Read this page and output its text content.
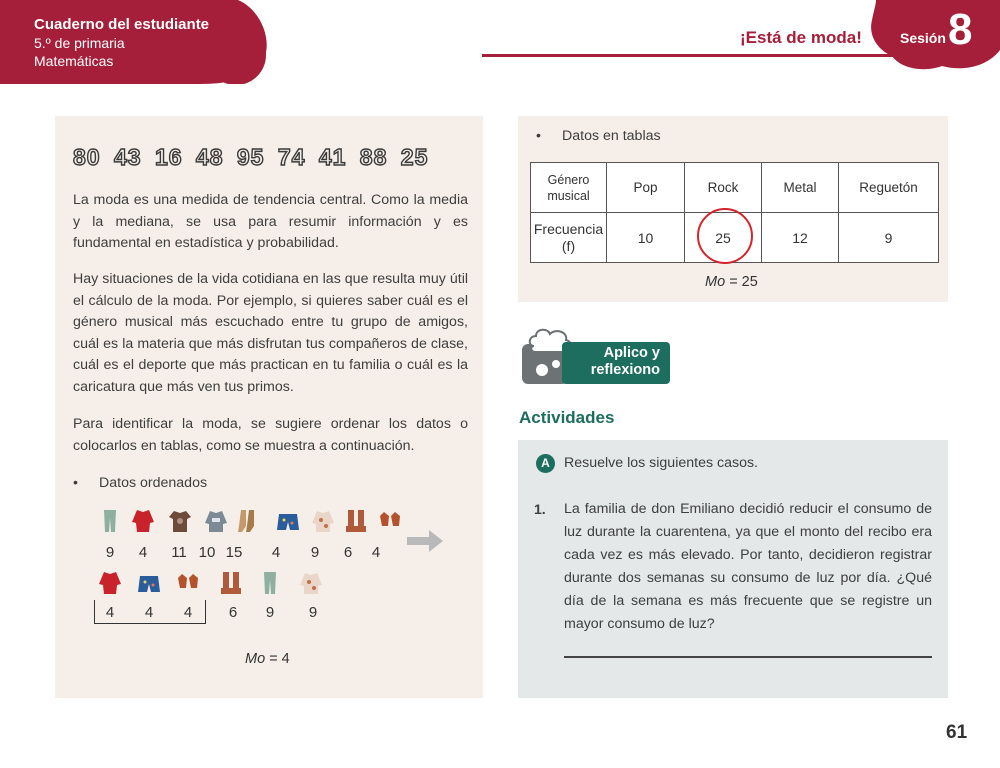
Cuaderno del estudiante
5.º de primaria
Matemáticas
¡Está de moda!	Sesión 8
80 43 16 48 95 74 41 88 25

La moda es una medida de tendencia central. Como la media y la mediana, se usa para resumir información y es fundamental en estadística y probabilidad.

Hay situaciones de la vida cotidiana en las que resulta muy útil el cálculo de la moda. Por ejemplo, si quieres saber cuál es el género musical más escuchado entre tu grupo de amigos, cuál es la materia que más disfrutan tus compañeros de clase, cuál es el deporte que más practican en tu familia o cuál es la caricatura que más ven tus primos.

Para identificar la moda, se sugiere ordenar los datos o colocarlos en tablas, como se muestra a continuación.

• Datos ordenados
9	4	11 10 15	4	9	6	4
4	4	4	6	9	9
Mo = 4
• Datos en tablas
Género musical	Pop	Rock	Metal	Reguetón
Frecuencia (f)	10	25	12	9
Mo = 25
Aplico y
reflexiono
Actividades
A Resuelve los siguientes casos.
1. La familia de don Emiliano decidió reducir el consumo de luz durante la cuarentena, ya que el monto del recibo era cada vez es más elevado. Por tanto, decidieron registrar durante dos semanas su consumo de luz por día. ¿Qué día de la semana es más frecuente que se registre un mayor consumo de luz?

61
